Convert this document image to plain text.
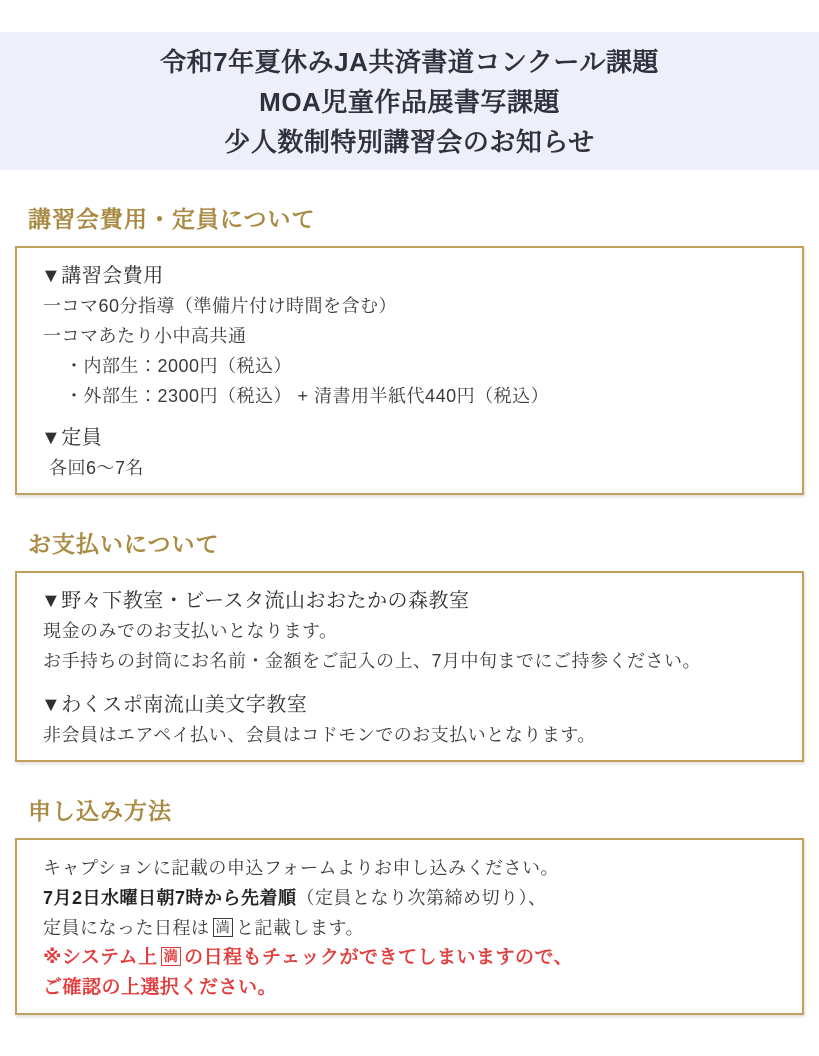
令和7年夏休みJA共済書道コンクール課題
MOA児童作品展書写課題
少人数制特別講習会のお知らせ
講習会費用・定員について
▼講習会費用
一コマ60分指導（準備片付け時間を含む）
一コマあたり小中高共通
・内部生：2000円（税込）
・外部生：2300円（税込） + 清書用半紙代440円（税込）
▼定員
各回6〜7名
お支払いについて
▼野々下教室・ビースタ流山おおたかの森教室
現金のみでのお支払いとなります。
お手持ちの封筒にお名前・金額をご記入の上、7月中旬までにご持参ください。
▼わくスポ南流山美文字教室
非会員はエアペイ払い、会員はコドモンでのお支払いとなります。
申し込み方法
キャプションに記載の申込フォームよりお申し込みください。
7月2日水曜日朝7時から先着順（定員となり次第締め切り）、
定員になった日程は 満 と記載します。
※システム上 満 の日程もチェックができてしまいますので、
ご確認の上選択ください。
